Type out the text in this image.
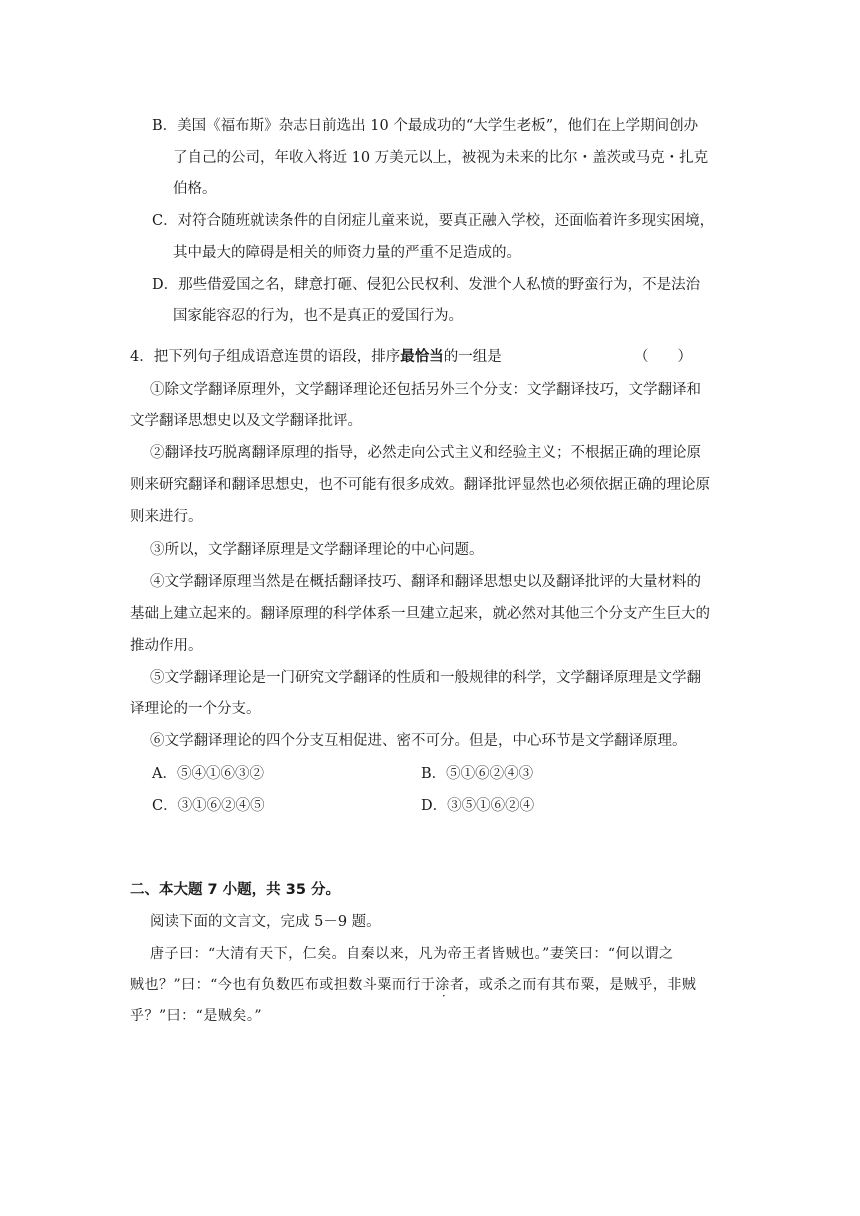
B．美国《福布斯》杂志日前选出 10 个最成功的“大学生老板”，他们在上学期间创办
了自己的公司，年收入将近 10 万美元以上，被视为未来的比尔・盖茨或马克・扎克
伯格。
C．对符合随班就读条件的自闭症儿童来说，要真正融入学校，还面临着许多现实困境，
其中最大的障碍是相关的师资力量的严重不足造成的。
D．那些借爱国之名，肆意打砸、侵犯公民权利、发泄个人私愤的野蛮行为，不是法治
国家能容忍的行为，也不是真正的爱国行为。
4．把下列句子组成语意连贯的语段，排序最恰当的一组是	（　　）
①除文学翻译原理外，文学翻译理论还包括另外三个分支：文学翻译技巧，文学翻译和
文学翻译思想史以及文学翻译批评。
②翻译技巧脱离翻译原理的指导，必然走向公式主义和经验主义；不根据正确的理论原
则来研究翻译和翻译思想史，也不可能有很多成效。翻译批评显然也必须依据正确的理论原
则来进行。
③所以，文学翻译原理是文学翻译理论的中心问题。
④文学翻译原理当然是在概括翻译技巧、翻译和翻译思想史以及翻译批评的大量材料的
基础上建立起来的。翻译原理的科学体系一旦建立起来，就必然对其他三个分支产生巨大的
推动作用。
⑤文学翻译理论是一门研究文学翻译的性质和一般规律的科学，文学翻译原理是文学翻
译理论的一个分支。
⑥文学翻译理论的四个分支互相促进、密不可分。但是，中心环节是文学翻译原理。
A．⑤④①⑥③②	B．⑤①⑥②④③
C．③①⑥②④⑤	D．③⑤①⑥②④
二、本大题 7 小题，共 35 分。
阅读下面的文言文，完成 5－9 题。
唐子曰：“大清有天下，仁矣。自秦以来，凡为帝王者皆贼也。”妻笑曰：“何以谓之
贼也？”曰：“今也有负数匹布或担数斗粟而行于涂者，或杀之而有其布粟，是贼乎，非贼
乎？”曰：“是贼矣。”
